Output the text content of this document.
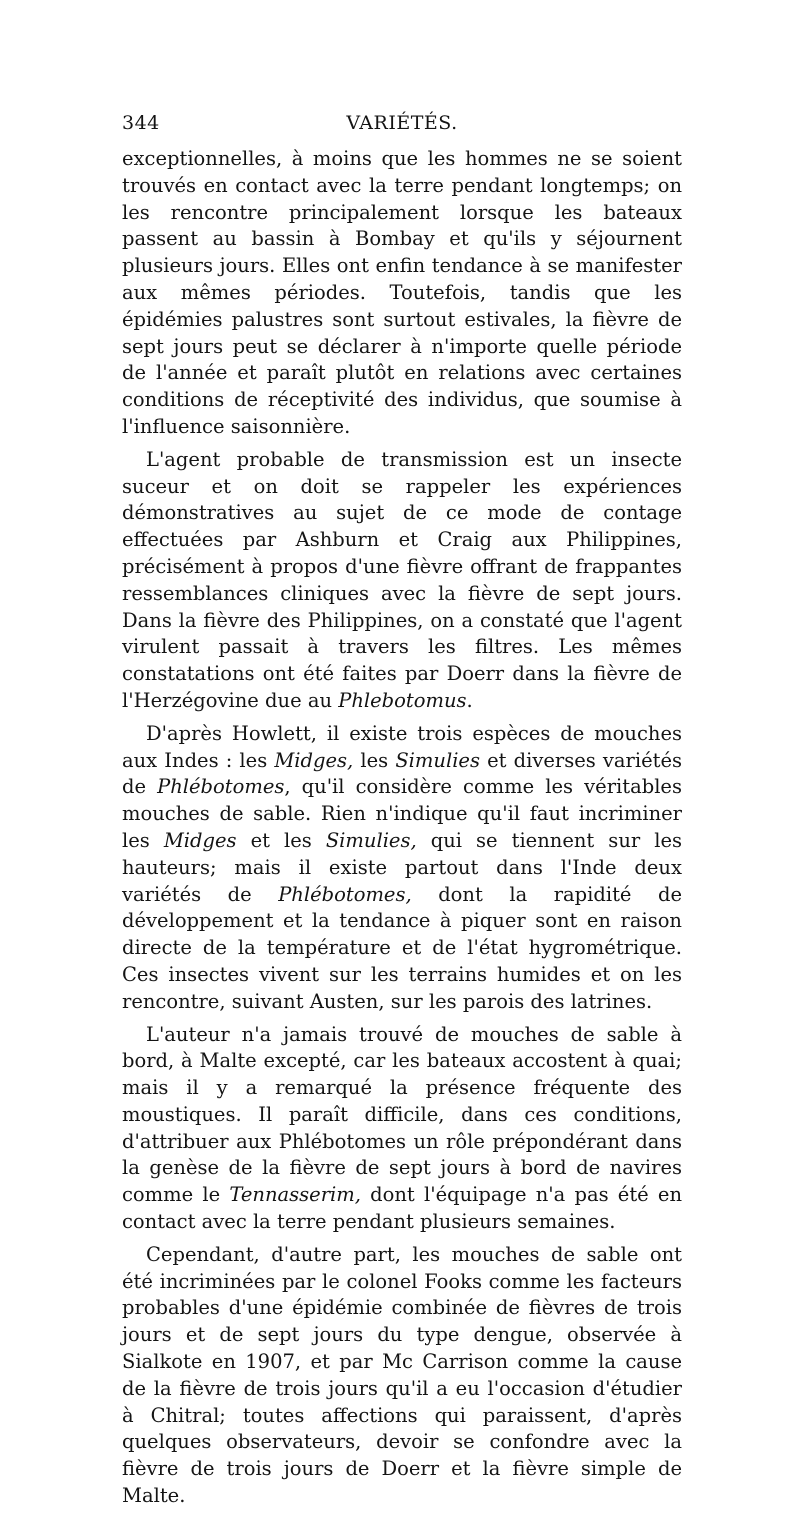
344	VARIÉTÉS.

exceptionnelles, à moins que les hommes ne se soient trouvés en contact avec la terre pendant longtemps; on les rencontre principalement lorsque les bateaux passent au bassin à Bombay et qu'ils y séjournent plusieurs jours. Elles ont enfin tendance à se manifester aux mêmes périodes. Toutefois, tandis que les épidémies palustres sont surtout estivales, la fièvre de sept jours peut se déclarer à n'importe quelle période de l'année et paraît plutôt en relations avec certaines conditions de réceptivité des individus, que soumise à l'influence saisonnière.

L'agent probable de transmission est un insecte suceur et on doit se rappeler les expériences démonstratives au sujet de ce mode de contage effectuées par Ashburn et Craig aux Philippines, précisément à propos d'une fièvre offrant de frappantes ressemblances cliniques avec la fièvre de sept jours. Dans la fièvre des Philippines, on a constaté que l'agent virulent passait à travers les filtres. Les mêmes constatations ont été faites par Doerr dans la fièvre de l'Herzégovine due au Phlebotomus.

D'après Howlett, il existe trois espèces de mouches aux Indes : les Midges, les Simulies et diverses variétés de Phlébotomes, qu'il considère comme les véritables mouches de sable. Rien n'indique qu'il faut incriminer les Midges et les Simulies, qui se tiennent sur les hauteurs; mais il existe partout dans l'Inde deux variétés de Phlébotomes, dont la rapidité de développement et la tendance à piquer sont en raison directe de la température et de l'état hygrométrique. Ces insectes vivent sur les terrains humides et on les rencontre, suivant Austen, sur les parois des latrines.

L'auteur n'a jamais trouvé de mouches de sable à bord, à Malte excepté, car les bateaux accostent à quai; mais il y a remarqué la présence fréquente des moustiques. Il paraît difficile, dans ces conditions, d'attribuer aux Phlébotomes un rôle prépondérant dans la genèse de la fièvre de sept jours à bord de navires comme le Tennasserim, dont l'équipage n'a pas été en contact avec la terre pendant plusieurs semaines.

Cependant, d'autre part, les mouches de sable ont été incriminées par le colonel Fooks comme les facteurs probables d'une épidémie combinée de fièvres de trois jours et de sept jours du type dengue, observée à Sialkote en 1907, et par Mc Carrison comme la cause de la fièvre de trois jours qu'il a eu l'occasion d'étudier à Chitral; toutes affections qui paraissent, d'après quelques observateurs, devoir se confondre avec la fièvre de trois jours de Doerr et la fièvre simple de Malte.
